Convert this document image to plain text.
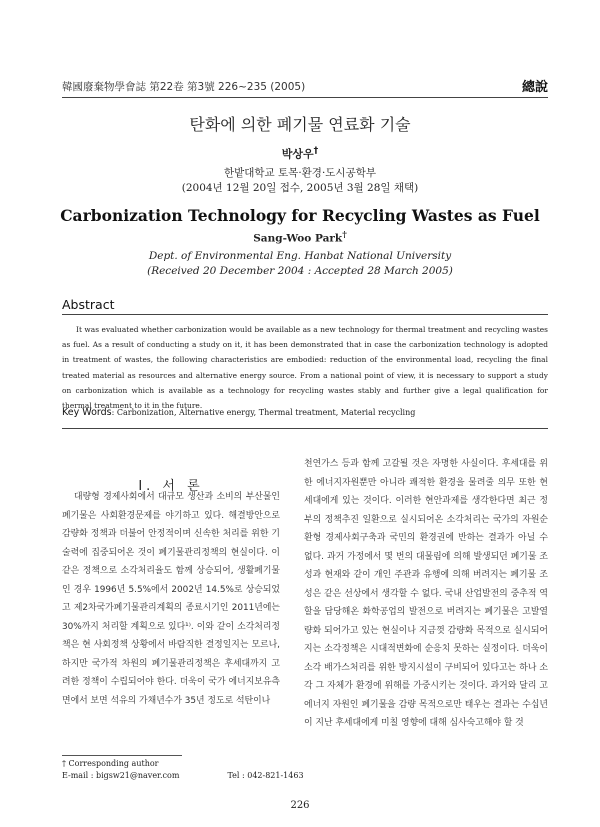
韓國廢棄物學會誌 第22卷 第3號 226~235 (2005)	總說
탄화에 의한 폐기물 연료화 기술
박상우†
한밭대학교 토목·환경·도시공학부
(2004년 12월 20일 접수, 2005년 3월 28일 채택)
Carbonization Technology for Recycling Wastes as Fuel
Sang-Woo Park†
Dept. of Environmental Eng. Hanbat National University
(Received 20 December 2004 : Accepted 28 March 2005)
Abstract
It was evaluated whether carbonization would be available as a new technology for thermal treatment and recycling wastes as fuel. As a result of conducting a study on it, it has been demonstrated that in case the carbonization technology is adopted in treatment of wastes, the following characteristics are embodied: reduction of the environmental load, recycling the final treated material as resources and alternative energy source. From a national point of view, it is necessary to support a study on carbonization which is available as a technology for recycling wastes stably and further give a legal qualification for thermal treatment to it in the future.
Key Words: Carbonization, Alternative energy, Thermal treatment, Material recycling
Ⅰ. 서 론

대량형 경제사회에서 대규모 생산과 소비의 부산물인 폐기물은 사회환경문제를 야기하고 있다. 해결방안으로 감량화 정책과 더불어 안정적이며 신속한 처리를 위한 기술력에 집중되어온 것이 폐기물관리정책의 현실이다. 이같은 정책으로 소각처리율도 함께 상승되어, 생활폐기물인 경우 1996년 5.5%에서 2002년 14.5%로 상승되었고 제2차국가폐기물관리계획의 종료시기인 2011년에는 30%까지 처리할 계획으로 있다¹⁾. 이와 같이 소각처리정책은 현 사회정책 상황에서 바람직한 결정일지는 모르나, 하지만 국가적 차원의 폐기물관리정책은 후세대까지 고려한 정책이 수립되어야 한다. 더욱이 국가 에너지보유측면에서 보면 석유의 가채년수가 35년 정도로 석탄이나

천연가스 등과 함께 고갈될 것은 자명한 사실이다. 후세대를 위한 에너지자원뿐만 아니라 쾌적한 환경을 물려줄 의무 또한 현세대에게 있는 것이다. 이러한 현안과제를 생각한다면 최근 정부의 정책추진 일환으로 실시되어온 소각처리는 국가의 자원순환형 경제사회구축과 국민의 환경권에 반하는 결과가 아닐 수 없다. 과거 가정에서 몇 번의 대물림에 의해 발생되던 폐기물 조성과 현재와 같이 개인 주관과 유행에 의해 버려지는 폐기물 조성은 같은 선상에서 생각할 수 없다. 국내 산업발전의 중추적 역할을 담당해온 화학공업의 발전으로 버려지는 폐기물은 고발열량화 되어가고 있는 현실이나 지금껏 감량화 목적으로 실시되어지는 소각정책은 시대적변화에 순응치 못하는 실정이다. 더욱이 소각 배가스처리를 위한 방지시설이 구비되어 있다고는 하나 소각 그 자체가 환경에 위해를 가중시키는 것이다. 과거와 달리 고에너지 자원인 폐기물을 감량 목적으로만 태우는 결과는 수십년이 지난 후세대에게 미칠 영향에 대해 심사숙고해야 할 것

† Corresponding author
E-mail : bigsw21@naver.com	Tel : 042-821-1463
226
